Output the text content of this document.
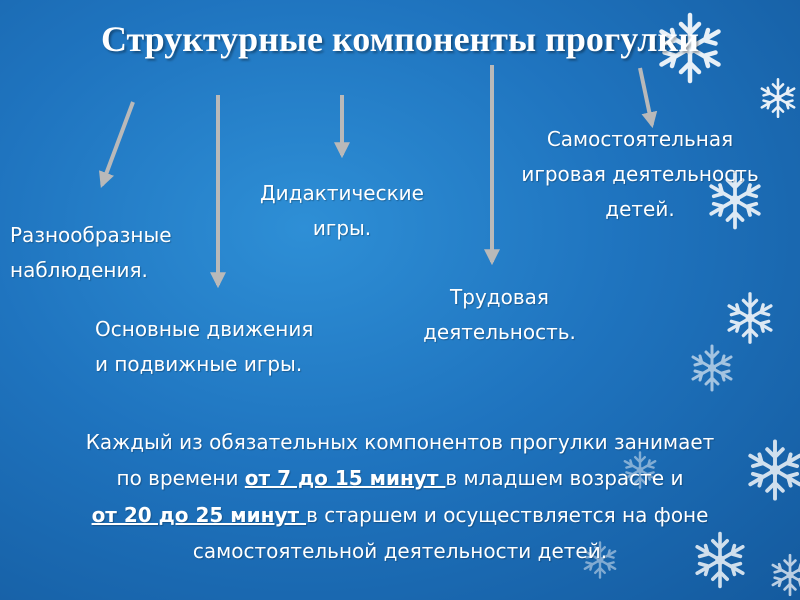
Структурные компоненты прогулки
Разнообразные
наблюдения.
Основные движения
и подвижные игры.
Дидактические
игры.
Трудовая
деятельность.
Самостоятельная
игровая деятельность
детей.

Каждый из обязательных компонентов прогулки занимает

по времени от 7 до 15 минут в младшем возрасте и

от 20 до 25 минут в старшем и осуществляется на фоне

самостоятельной деятельности детей.
